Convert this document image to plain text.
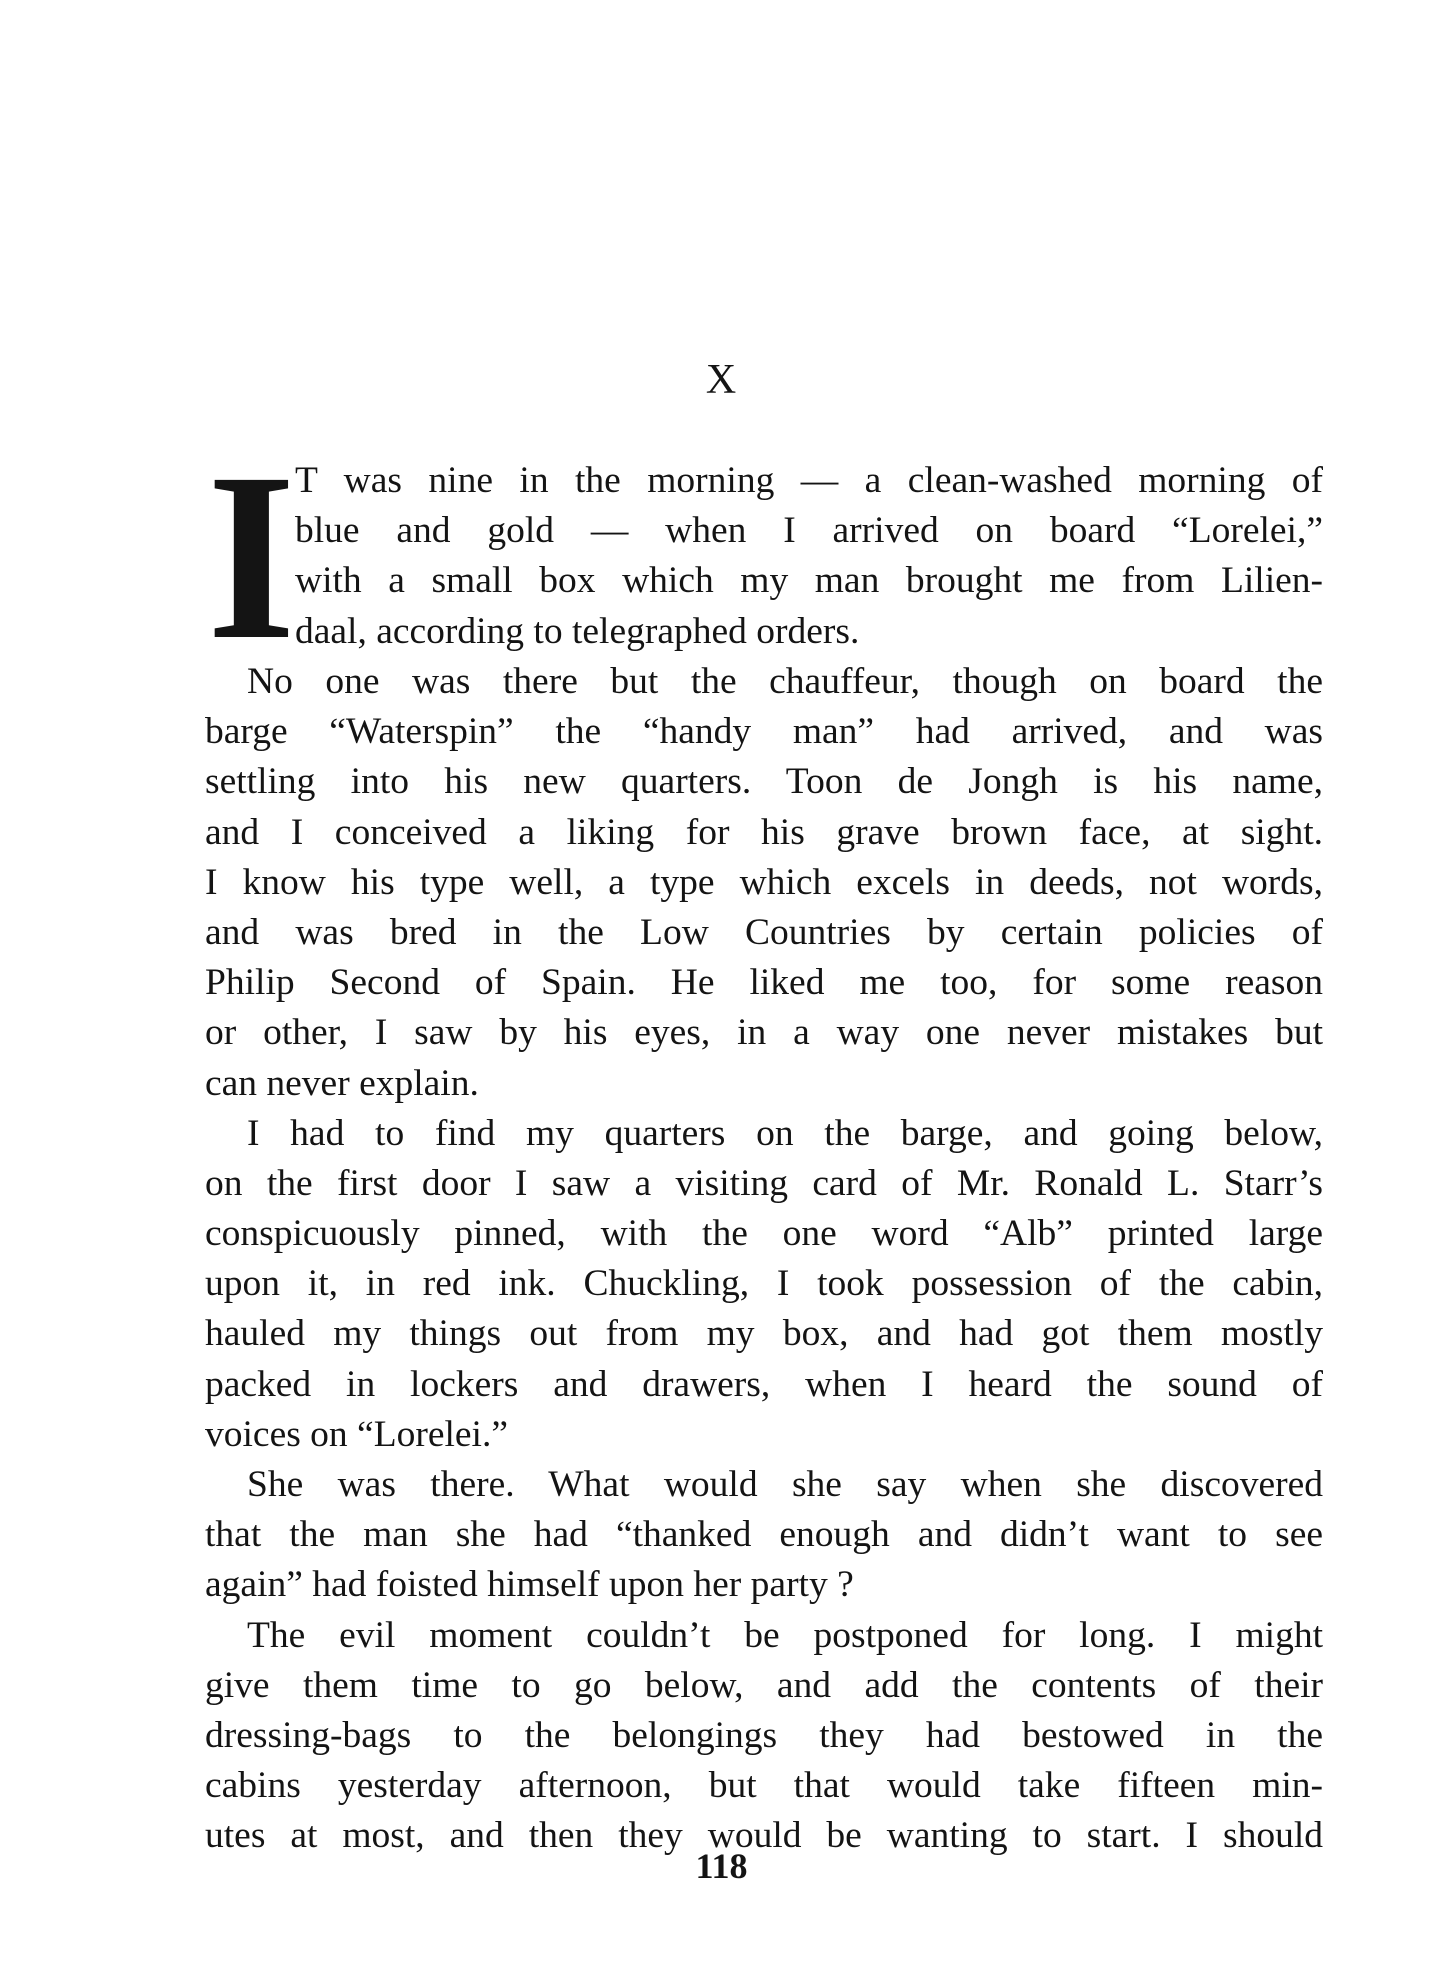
X
I T was nine in the morning — a clean-washed morning of
blue and gold — when I arrived on board “Lorelei,”
with a small box which my man brought me from Lilien-
daal, according to telegraphed orders.
No one was there but the chauffeur, though on board the
barge “Waterspin” the “handy man” had arrived, and was
settling into his new quarters. Toon de Jongh is his name,
and I conceived a liking for his grave brown face, at sight.
I know his type well, a type which excels in deeds, not words,
and was bred in the Low Countries by certain policies of
Philip Second of Spain. He liked me too, for some reason
or other, I saw by his eyes, in a way one never mistakes but
can never explain.
I had to find my quarters on the barge, and going below,
on the first door I saw a visiting card of Mr. Ronald L. Starr’s
conspicuously pinned, with the one word “Alb” printed large
upon it, in red ink. Chuckling, I took possession of the cabin,
hauled my things out from my box, and had got them mostly
packed in lockers and drawers, when I heard the sound of
voices on “Lorelei.”
She was there. What would she say when she discovered
that the man she had “thanked enough and didn’t want to see
again” had foisted himself upon her party ?
The evil moment couldn’t be postponed for long. I might
give them time to go below, and add the contents of their
dressing-bags to the belongings they had bestowed in the
cabins yesterday afternoon, but that would take fifteen min-
utes at most, and then they would be wanting to start. I should
118
